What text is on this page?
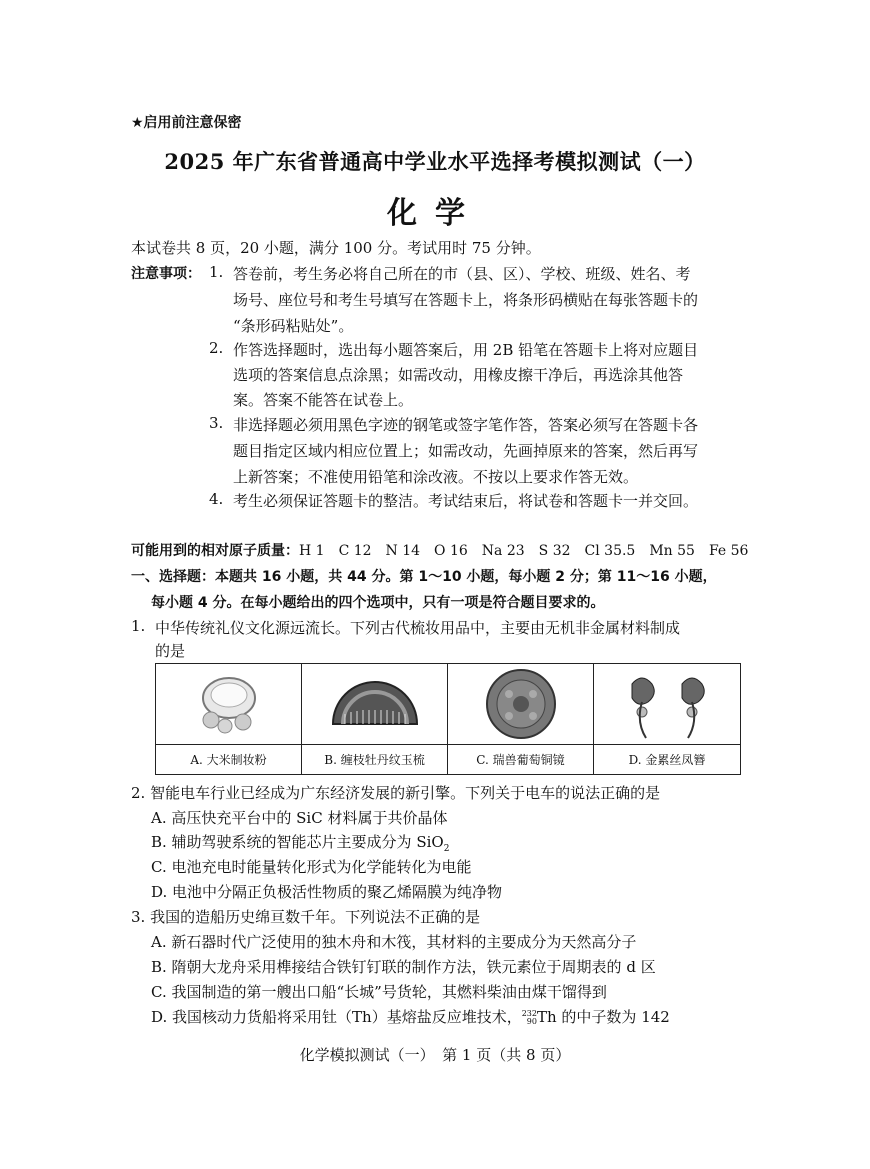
★启用前注意保密
2025 年广东省普通高中学业水平选择考模拟测试（一）
化学
本试卷共 8 页，20 小题，满分 100 分。考试用时 75 分钟。
注意事项： 1. 答卷前，考生务必将自己所在的市（县、区）、学校、班级、姓名、考
场号、座位号和考生号填写在答题卡上，将条形码横贴在每张答题卡的
“条形码粘贴处”。
2. 作答选择题时，选出每小题答案后，用 2B 铅笔在答题卡上将对应题目
选项的答案信息点涂黑；如需改动，用橡皮擦干净后，再选涂其他答
案。答案不能答在试卷上。
3. 非选择题必须用黑色字迹的钢笔或签字笔作答，答案必须写在答题卡各
题目指定区域内相应位置上；如需改动，先画掉原来的答案，然后再写
上新答案；不准使用铅笔和涂改液。不按以上要求作答无效。
4. 考生必须保证答题卡的整洁。考试结束后，将试卷和答题卡一并交回。
可能用到的相对原子质量：H 1　C 12　N 14　O 16　Na 23　S 32　Cl 35.5　Mn 55　Fe 56
一、选择题：本题共 16 小题，共 44 分。第 1～10 小题，每小题 2 分；第 11～16 小题，
每小题 4 分。在每小题给出的四个选项中，只有一项是符合题目要求的。
1. 中华传统礼仪文化源远流长。下列古代梳妆用品中，主要由无机非金属材料制成
的是
A. 大米制妆粉	B. 缠枝牡丹纹玉梳	C. 瑞兽葡萄铜镜	D. 金累丝凤簪
2. 智能电车行业已经成为广东经济发展的新引擎。下列关于电车的说法正确的是
A. 高压快充平台中的 SiC 材料属于共价晶体
B. 辅助驾驶系统的智能芯片主要成分为 SiO$_2$
C. 电池充电时能量转化形式为化学能转化为电能
D. 电池中分隔正负极活性物质的聚乙烯隔膜为纯净物
3. 我国的造船历史绵亘数千年。下列说法不正确的是
A. 新石器时代广泛使用的独木舟和木筏，其材料的主要成分为天然高分子
B. 隋朝大龙舟采用榫接结合铁钉钉联的制作方法，铁元素位于周期表的 d 区
C. 我国制造的第一艘出口船“长城”号货轮，其燃料柴油由煤干馏得到
D. 我国核动力货船将采用钍（Th）基熔盐反应堆技术， 232
90 Th 的中子数为 142
化学模拟测试（一）　第 1 页（共 8 页）
